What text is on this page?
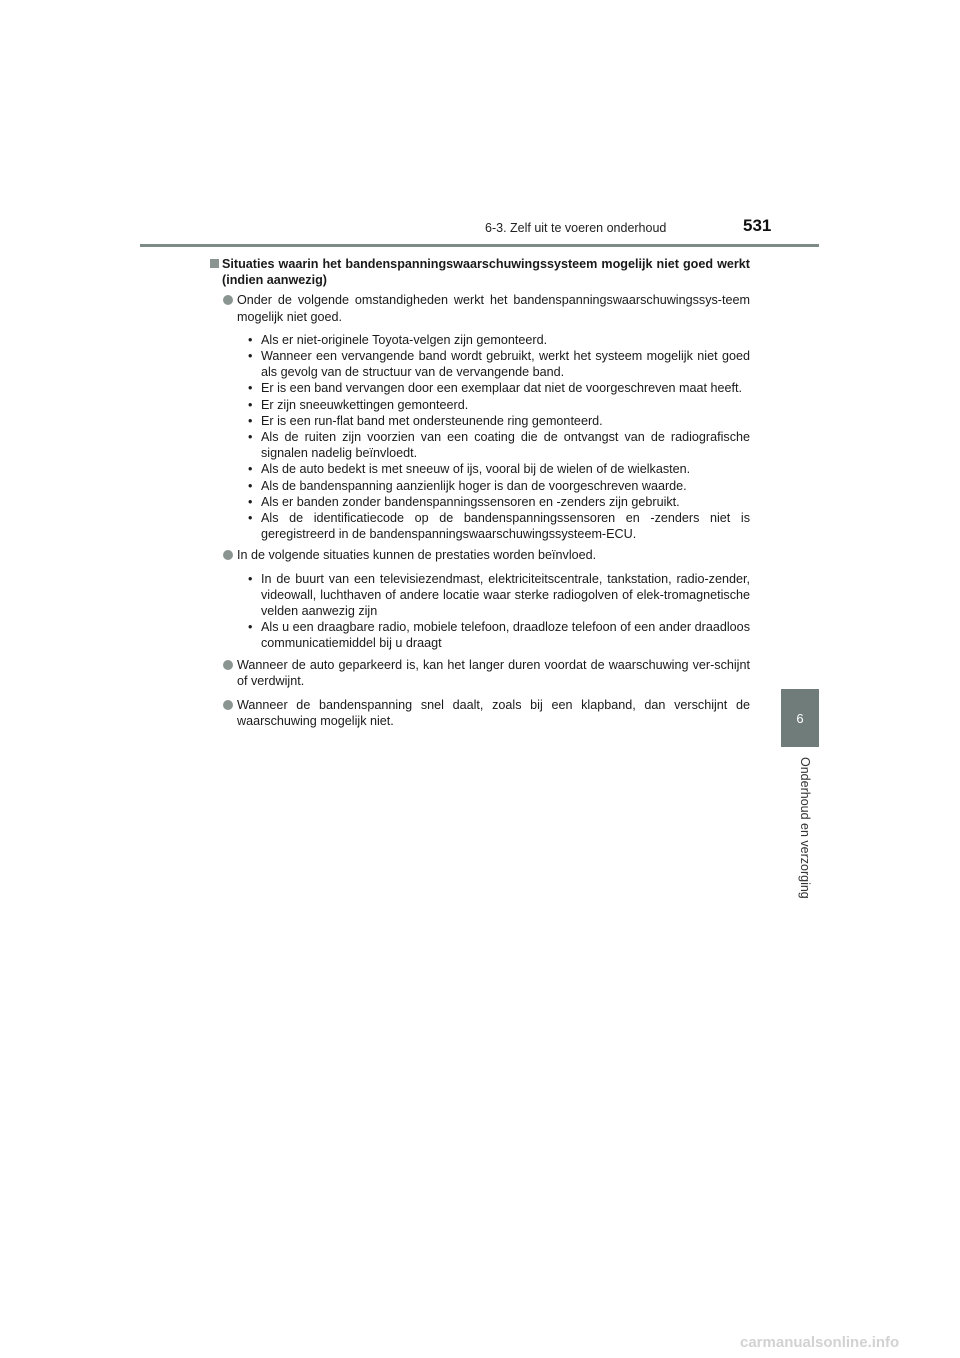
6-3. Zelf uit te voeren onderhoud	531
6
Onderhoud en verzorging
Situaties waarin het bandenspanningswaarschuwingssysteem mogelijk niet goed werkt (indien aanwezig)
Onder de volgende omstandigheden werkt het bandenspanningswaarschuwingssys-teem mogelijk niet goed.
• Als er niet-originele Toyota-velgen zijn gemonteerd.
• Wanneer een vervangende band wordt gebruikt, werkt het systeem mogelijk niet goed als gevolg van de structuur van de vervangende band.
• Er is een band vervangen door een exemplaar dat niet de voorgeschreven maat heeft.
• Er zijn sneeuwkettingen gemonteerd.
• Er is een run-flat band met ondersteunende ring gemonteerd.
• Als de ruiten zijn voorzien van een coating die de ontvangst van de radiografische signalen nadelig beïnvloedt.
• Als de auto bedekt is met sneeuw of ijs, vooral bij de wielen of de wielkasten.
• Als de bandenspanning aanzienlijk hoger is dan de voorgeschreven waarde.
• Als er banden zonder bandenspanningssensoren en -zenders zijn gebruikt.
• Als de identificatiecode op de bandenspanningssensoren en -zenders niet is geregistreerd in de bandenspanningswaarschuwingssysteem-ECU.
In de volgende situaties kunnen de prestaties worden beïnvloed.
• In de buurt van een televisiezendmast, elektriciteitscentrale, tankstation, radio-zender, videowall, luchthaven of andere locatie waar sterke radiogolven of elek-tromagnetische velden aanwezig zijn
• Als u een draagbare radio, mobiele telefoon, draadloze telefoon of een ander draadloos communicatiemiddel bij u draagt
Wanneer de auto geparkeerd is, kan het langer duren voordat de waarschuwing ver-schijnt of verdwijnt.
Wanneer de bandenspanning snel daalt, zoals bij een klapband, dan verschijnt de waarschuwing mogelijk niet.
carmanualsonline.info
